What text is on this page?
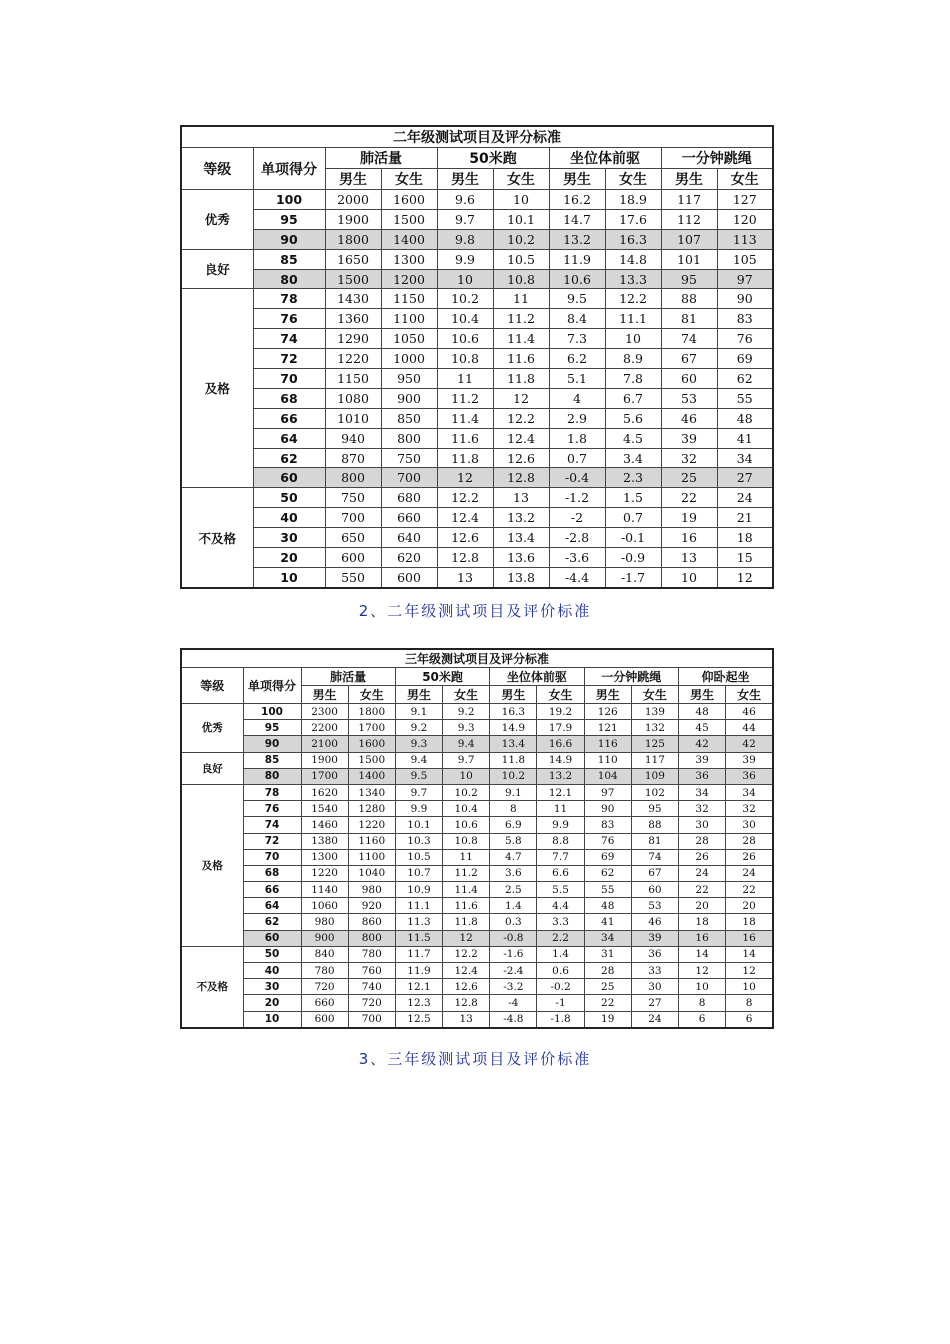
二年级测试项目及评分标准									
等级	单项得分	肺活量		50米跑		坐位体前驱		一分钟跳绳	
		男生	女生	男生	女生	男生	女生	男生	女生
优秀	100	2000	1600	9.6	10	16.2	18.9	117	127
	95	1900	1500	9.7	10.1	14.7	17.6	112	120
	90	1800	1400	9.8	10.2	13.2	16.3	107	113
良好	85	1650	1300	9.9	10.5	11.9	14.8	101	105
	80	1500	1200	10	10.8	10.6	13.3	95	97
及格	78	1430	1150	10.2	11	9.5	12.2	88	90
	76	1360	1100	10.4	11.2	8.4	11.1	81	83
	74	1290	1050	10.6	11.4	7.3	10	74	76
	72	1220	1000	10.8	11.6	6.2	8.9	67	69
	70	1150	950	11	11.8	5.1	7.8	60	62
	68	1080	900	11.2	12	4	6.7	53	55
	66	1010	850	11.4	12.2	2.9	5.6	46	48
	64	940	800	11.6	12.4	1.8	4.5	39	41
	62	870	750	11.8	12.6	0.7	3.4	32	34
	60	800	700	12	12.8	-0.4	2.3	25	27
不及格	50	750	680	12.2	13	-1.2	1.5	22	24
	40	700	660	12.4	13.2	-2	0.7	19	21
	30	650	640	12.6	13.4	-2.8	-0.1	16	18
	20	600	620	12.8	13.6	-3.6	-0.9	13	15
	10	550	600	13	13.8	-4.4	-1.7	10	12
2、二年级测试项目及评价标准
三年级测试项目及评分标准											
等级	单项得分	肺活量		50米跑		坐位体前驱		一分钟跳绳		仰卧起坐	
		男生	女生	男生	女生	男生	女生	男生	女生	男生	女生
优秀	100	2300	1800	9.1	9.2	16.3	19.2	126	139	48	46
	95	2200	1700	9.2	9.3	14.9	17.9	121	132	45	44
	90	2100	1600	9.3	9.4	13.4	16.6	116	125	42	42
良好	85	1900	1500	9.4	9.7	11.8	14.9	110	117	39	39
	80	1700	1400	9.5	10	10.2	13.2	104	109	36	36
及格	78	1620	1340	9.7	10.2	9.1	12.1	97	102	34	34
	76	1540	1280	9.9	10.4	8	11	90	95	32	32
	74	1460	1220	10.1	10.6	6.9	9.9	83	88	30	30
	72	1380	1160	10.3	10.8	5.8	8.8	76	81	28	28
	70	1300	1100	10.5	11	4.7	7.7	69	74	26	26
	68	1220	1040	10.7	11.2	3.6	6.6	62	67	24	24
	66	1140	980	10.9	11.4	2.5	5.5	55	60	22	22
	64	1060	920	11.1	11.6	1.4	4.4	48	53	20	20
	62	980	860	11.3	11.8	0.3	3.3	41	46	18	18
	60	900	800	11.5	12	-0.8	2.2	34	39	16	16
不及格	50	840	780	11.7	12.2	-1.6	1.4	31	36	14	14
	40	780	760	11.9	12.4	-2.4	0.6	28	33	12	12
	30	720	740	12.1	12.6	-3.2	-0.2	25	30	10	10
	20	660	720	12.3	12.8	-4	-1	22	27	8	8
	10	600	700	12.5	13	-4.8	-1.8	19	24	6	6
3、三年级测试项目及评价标准
